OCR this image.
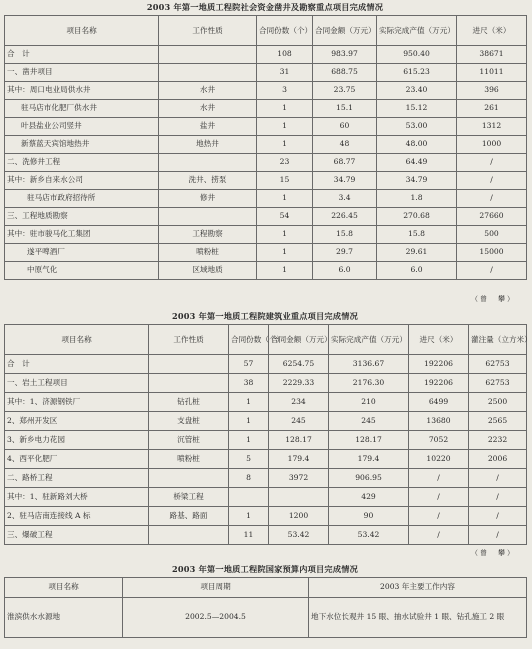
2003 年第一地质工程院社会资金凿井及勘察重点项目完成情况
项目名称	工作性质	合同份数（个）	合同金额（万元）	实际完成产值（万元）	进尺（米）
合　计		108	983.97	950.40	38671
一、凿井项目		31	688.75	615.23	11011
其中：周口电业局供水井	水井	3	23.75	23.40	396
驻马店市化肥厂供水井	水井	1	15.1	15.12	261
叶县盐业公司竖井	盐井	1	60	53.00	1312
新蔡蓝天宾馆地热井	地热井	1	48	48.00	1000
二、洗修井工程		23	68.77	64.49	/
其中：新乡自来水公司	洗井、捞泵	15	34.79	34.79	/
驻马店市政府招待所	修井	1	3.4	1.8	/
三、工程地质勘察		54	226.45	270.68	27660
其中：驻市骏马化工集团	工程勘察	1	15.8	15.8	500
遂平啤酒厂	喷粉桩	1	29.7	29.61	15000
中原气化	区域地质	1	6.0	6.0	/
（曾　攀）
2003 年第一地质工程院建筑业重点项目完成情况
项目名称	工作性质	合同份数（个）	合同金额（万元）	实际完成产值（万元）	进尺（米）	灌注量（立方米）
合　计		57	6254.75	3136.67	192206	62753
一、岩土工程项目		38	2229.33	2176.30	192206	62753
其中：1、济源钢铁厂	钻孔桩	1	234	210	6499	2500
2、郑州开发区	支盘桩	1	245	245	13680	2565
3、新乡电力花园	沉管桩	1	128.17	128.17	7052	2232
4、西平化肥厂	喷粉桩	5	179.4	179.4	10220	2006
二、路桥工程		8	3972	906.95	/	/
其中：1、驻新路刘大桥	桥梁工程			429	/	/
2、驻马店南连接线 A 标	路基、路面	1	1200	90	/	/
三、爆破工程		11	53.42	53.42	/	/
（曾　攀）
2003 年第一地质工程院国家预算内项目完成情况
项目名称	项目周期	2003 年主要工作内容
淮滨供水水源地	2002.5—2004.5	地下水位长观井 15 眼、抽水试验井 1 眼、钻孔施工 2 眼
